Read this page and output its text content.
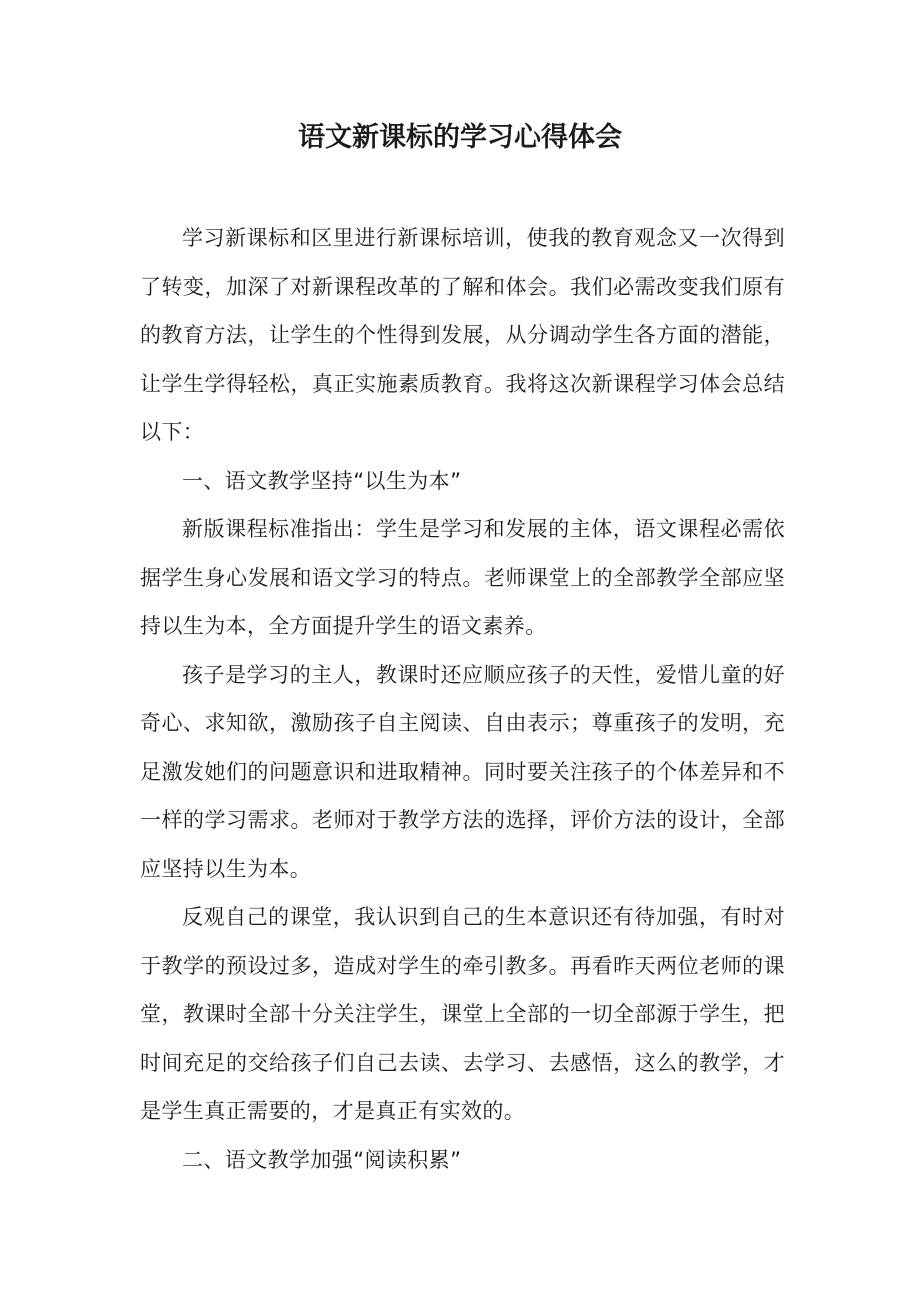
语文新课标的学习心得体会

学习新课标和区里进行新课标培训，使我的教育观念又一次得到了转变，加深了对新课程改革的了解和体会。我们必需改变我们原有的教育方法，让学生的个性得到发展，从分调动学生各方面的潜能，让学生学得轻松，真正实施素质教育。我将这次新课程学习体会总结以下：

一、语文教学坚持“以生为本”

新版课程标准指出：学生是学习和发展的主体，语文课程必需依据学生身心发展和语文学习的特点。老师课堂上的全部教学全部应坚持以生为本，全方面提升学生的语文素养。

孩子是学习的主人，教课时还应顺应孩子的天性，爱惜儿童的好奇心、求知欲，激励孩子自主阅读、自由表示；尊重孩子的发明，充足激发她们的问题意识和进取精神。同时要关注孩子的个体差异和不一样的学习需求。老师对于教学方法的选择，评价方法的设计，全部应坚持以生为本。

反观自己的课堂，我认识到自己的生本意识还有待加强，有时对于教学的预设过多，造成对学生的牵引教多。再看昨天两位老师的课堂，教课时全部十分关注学生，课堂上全部的一切全部源于学生，把时间充足的交给孩子们自己去读、去学习、去感悟，这么的教学，才是学生真正需要的，才是真正有实效的。

二、语文教学加强“阅读积累”
